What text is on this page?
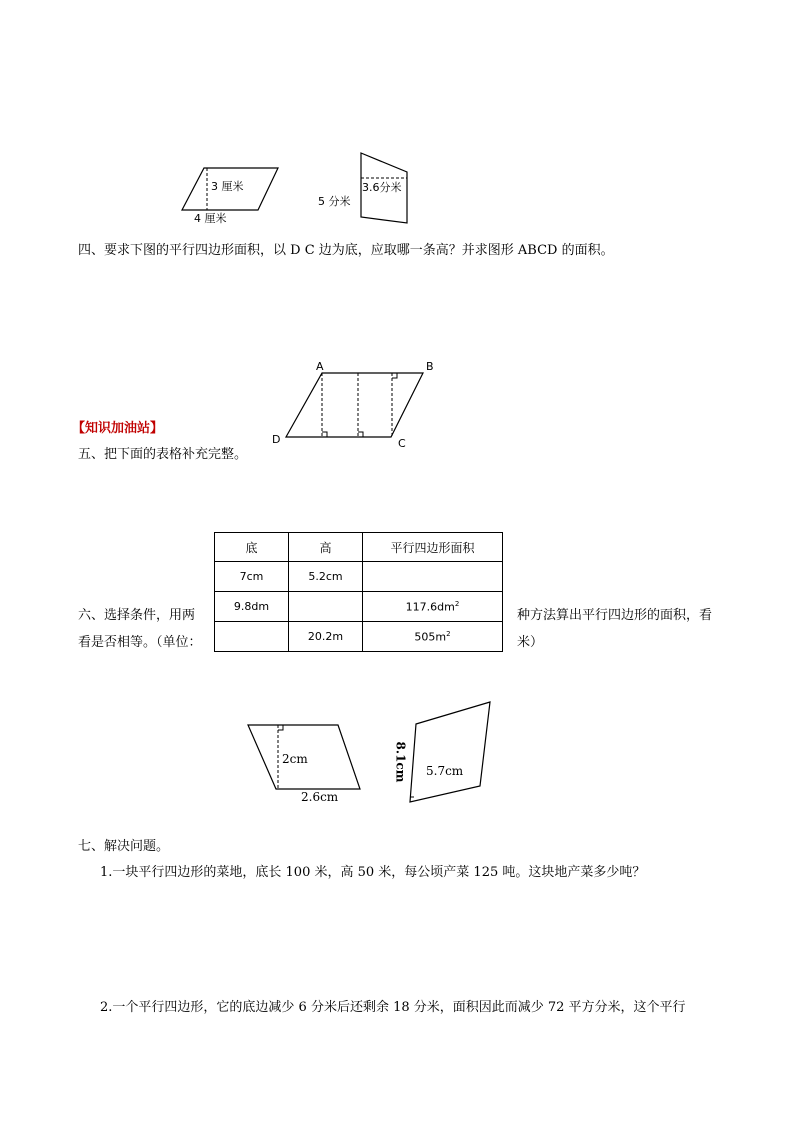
3 厘米
4 厘米
5 分米
3.6分米
四、要求下图的平行四边形面积，以 D C 边为底，应取哪一条高？并求图形 ABCD 的面积。
A	B
C
D
【知识加油站】
五、把下面的表格补充完整。
底	高	平行四边形面积
7cm	5.2cm	
9.8dm		$117.6dm^2$
	20.2m	$505m^2$
六、选择条件，用两
看是否相等。（单位：
种方法算出平行四边形的面积，看
米）
2cm
2.6cm
8.1cm 5.7cm
七、解决问题。
1.一块平行四边形的菜地，底长 100 米，高 50 米，每公顷产菜 125 吨。这块地产菜多少吨？
2.一个平行四边形，它的底边减少 6 分米后还剩余 18 分米，面积因此而减少 72 平方分米，这个平行
